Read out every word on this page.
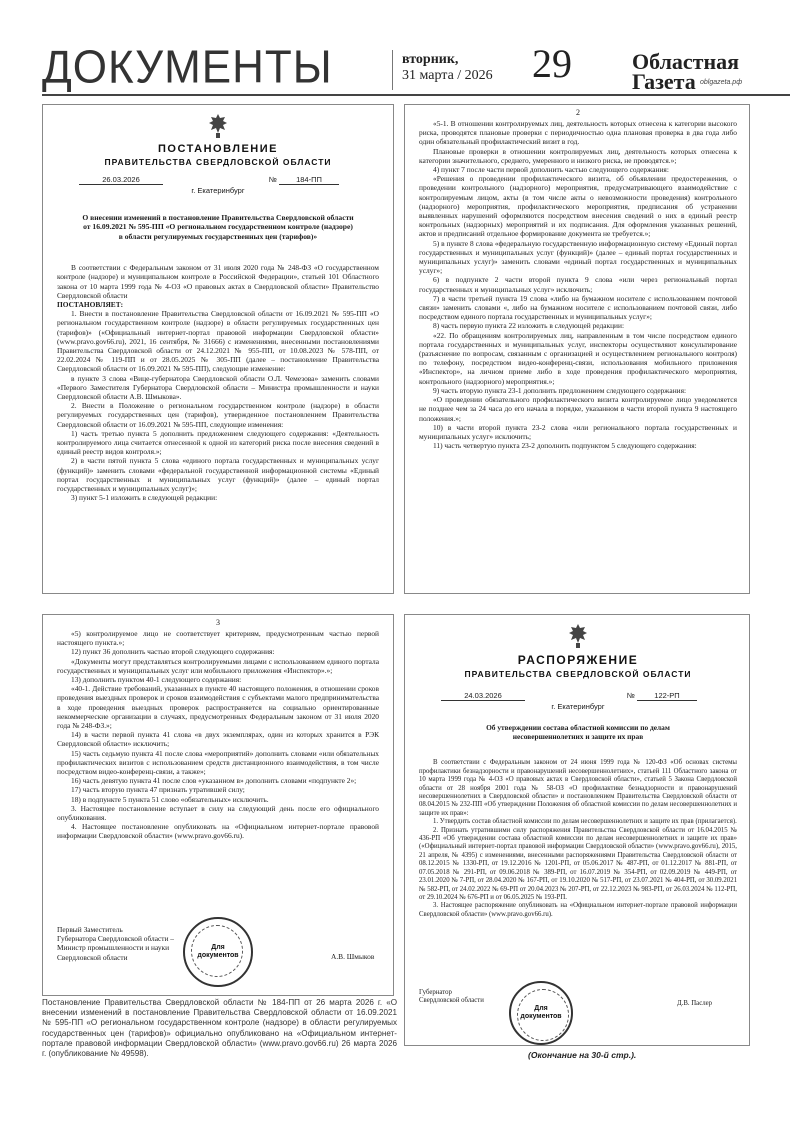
ДОКУМЕНТЫ	вторник,
31 марта / 2026 29	Областная
Газета oblgazeta.рф
ПОСТАНОВЛЕНИЕ
ПРАВИТЕЛЬСТВА СВЕРДЛОВСКОЙ ОБЛАСТИ
26.03.2026	№	184-ПП
г. Екатеринбург
О внесении изменений в постановление Правительства Свердловской области от 16.09.2021 № 595-ПП «О региональном государственном контроле (надзоре) в области регулируемых государственных цен (тарифов)»

В соответствии с Федеральным законом от 31 июля 2020 года № 248-ФЗ «О государственном контроле (надзоре) и муниципальном контроле в Российской Федерации», статьей 101 Областного закона от 10 марта 1999 года № 4-ОЗ «О правовых актах в Свердловской области» Правительство Свердловской области

ПОСТАНОВЛЯЕТ:

1. Внести в постановление Правительства Свердловской области от 16.09.2021 № 595-ПП «О региональном государственном контроле (надзоре) в области регулируемых государственных цен (тарифов)» («Официальный интернет-портал правовой информации Свердловской области» (www.pravo.gov66.ru), 2021, 16 сентября, № 31666) с изменениями, внесенными постановлениями Правительства Свердловской области от 24.12.2021 № 955-ПП, от 10.08.2023 № 578-ПП, от 22.02.2024 № 119-ПП и от 28.05.2025 № 305-ПП (далее – постановление Правительства Свердловской области от 16.09.2021 № 595-ПП), следующие изменение:

в пункте 3 слова «Вице-губернатора Свердловской области О.Л. Чемезова» заменить словами «Первого Заместителя Губернатора Свердловской области – Министра промышленности и науки Свердловской области А.В. Шмыкова».

2. Внести в Положение о региональном государственном контроле (надзоре) в области регулируемых государственных цен (тарифов), утвержденное постановлением Правительства Свердловской области от 16.09.2021 № 595-ПП, следующие изменения:

1) часть третью пункта 5 дополнить предложением следующего содержания: «Деятельность контролируемого лица считается отнесенной к одной из категорий риска после внесения сведений в единый реестр видов контроля.»;

2) в части пятой пункта 5 слова «единого портала государственных и муниципальных услуг (функций)» заменить словами «федеральной государственной информационной системы «Единый портал государственных и муниципальных услуг (функций)» (далее – единый портал государственных и муниципальных услуг)»;

3) пункт 5-1 изложить в следующей редакции:

2

«5-1. В отношении контролируемых лиц, деятельность которых отнесена к категории высокого риска, проводятся плановые проверки с периодичностью одна плановая проверка в два года либо один обязательный профилактический визит в год.

Плановые проверки в отношении контролируемых лиц, деятельность которых отнесена к категории значительного, среднего, умеренного и низкого риска, не проводятся.»;

4) пункт 7 после части первой дополнить частью следующего содержания:

«Решения о проведении профилактического визита, об объявлении предостережения, о проведении контрольного (надзорного) мероприятия, предусматривающего взаимодействие с контролируемым лицом, акты (в том числе акты о невозможности проведения) контрольного (надзорного) мероприятия, профилактического мероприятия, предписания об устранении выявленных нарушений оформляются посредством внесения сведений о них в единый реестр контрольных (надзорных) мероприятий и их подписания. Для оформления указанных решений, актов и предписаний отдельное формирование документа не требуется.»;

5) в пункте 8 слова «федеральную государственную информационную систему «Единый портал государственных и муниципальных услуг (функций)» (далее – единый портал государственных и муниципальных услуг)» заменить словами «единый портал государственных и муниципальных услуг»;

6) в подпункте 2 части второй пункта 9 слова «или через региональный портал государственных и муниципальных услуг» исключить;

7) в части третьей пункта 19 слова «либо на бумажном носителе с использованием почтовой связи» заменить словами «, либо на бумажном носителе с использованием почтовой связи, либо посредством единого портала государственных и муниципальных услуг»;

8) часть первую пункта 22 изложить в следующей редакции:

«22. По обращениям контролируемых лиц, направленным в том числе посредством единого портала государственных и муниципальных услуг, инспекторы осуществляют консультирование (разъяснение по вопросам, связанным с организацией и осуществлением регионального контроля) по телефону, посредством видео-конференц-связи, использования мобильного приложения «Инспектор», на личном приеме либо в ходе проведения профилактического мероприятия, контрольного (надзорного) мероприятия.»;

9) часть вторую пункта 23-1 дополнить предложением следующего содержания:

«О проведении обязательного профилактического визита контролируемое лицо уведомляется не позднее чем за 24 часа до его начала в порядке, указанном в части второй пункта 9 настоящего положения.»;

10) в части второй пункта 23-2 слова «или регионального портала государственных и муниципальных услуг» исключить;

11) часть четвертую пункта 23-2 дополнить подпунктом 5 следующего содержания:

3

«5) контролируемое лицо не соответствует критериям, предусмотренным частью первой настоящего пункта.»;

12) пункт 36 дополнить частью второй следующего содержания:

«Документы могут представляться контролируемыми лицами с использованием единого портала государственных и муниципальных услуг или мобильного приложения «Инспектор».»;

13) дополнить пунктом 40-1 следующего содержания:

«40-1. Действие требований, указанных в пункте 40 настоящего положения, в отношении сроков проведения выездных проверок и сроков взаимодействия с субъектами малого предпринимательства в ходе проведения выездных проверок распространяется на социально ориентированные некоммерческие организации в случаях, предусмотренных Федеральным законом от 31 июля 2020 года № 248-ФЗ.»;

14) в части первой пункта 41 слова «в двух экземплярах, один из которых хранится в РЭК Свердловской области» исключить;

15) часть седьмую пункта 41 после слова «мероприятий» дополнить словами «или обязательных профилактических визитов с использованием средств дистанционного взаимодействия, в том числе посредством видео-конференц-связи, а также»;

16) часть девятую пункта 41 после слов «указанном в» дополнить словами «подпункте 2»;

17) часть вторую пункта 47 признать утратившей силу;

18) в подпункте 5 пункта 51 слово «обязательных» исключить.

3. Настоящее постановление вступает в силу на следующий день после его официального опубликования.

4. Настоящее постановление опубликовать на «Официальном интернет-портале правовой информации Свердловской области» (www.pravo.gov66.ru).

Первый Заместитель
Губернатора Свердловской области –
Министр промышленности и науки
Свердловской области	А.В. Шмыков
Для
документов
РАСПОРЯЖЕНИЕ
ПРАВИТЕЛЬСТВА СВЕРДЛОВСКОЙ ОБЛАСТИ
24.03.2026	№	122-РП
г. Екатеринбург
Об утверждении состава областной комиссии по делам несовершеннолетних и защите их прав

В соответствии с Федеральным законом от 24 июня 1999 года № 120-ФЗ «Об основах системы профилактики безнадзорности и правонарушений несовершеннолетних», статьей 111 Областного закона от 10 марта 1999 года № 4-ОЗ «О правовых актах в Свердловской области», статьей 5 Закона Свердловской области от 28 ноября 2001 года № 58-ОЗ «О профилактике безнадзорности и правонарушений несовершеннолетних в Свердловской области» и постановлением Правительства Свердловской области от 08.04.2015 № 232-ПП «Об утверждении Положения об областной комиссии по делам несовершеннолетних и защите их прав»:

1. Утвердить состав областной комиссии по делам несовершеннолетних и защите их прав (прилагается).

2. Признать утратившими силу распоряжения Правительства Свердловской области от 16.04.2015 № 436-РП «Об утверждении состава областной комиссии по делам несовершеннолетних и защите их прав» («Официальный интернет-портал правовой информации Свердловской области» (www.pravo.gov66.ru), 2015, 21 апреля, № 4395) с изменениями, внесенными распоряжениями Правительства Свердловской области от 08.12.2015 № 1330-РП, от 19.12.2016 № 1201-РП, от 05.06.2017 № 487-РП, от 01.12.2017 № 881-РП, от 07.05.2018 № 291-РП, от 09.06.2018 № 389-РП, от 16.07.2019 № 354-РП, от 02.09.2019 № 449-РП, от 23.01.2020 № 7-РП, от 28.04.2020 № 167-РП, от 19.10.2020 № 517-РП, от 23.07.2021 № 404-РП, от 30.09.2021 № 582-РП, от 24.02.2022 № 69-РП от 20.04.2023 № 207-РП, от 22.12.2023 № 983-РП, от 26.03.2024 № 112-РП, от 29.10.2024 № 676-РП и от 06.05.2025 № 193-РП.

3. Настоящее распоряжение опубликовать на «Официальном интернет-портале правовой информации Свердловской области» (www.pravo.gov66.ru).

Губернатор
Свердловской области	Д.В. Паслер
Для
документов
Постановление Правительства Свердловской области № 184-ПП от 26 марта 2026 г. «О внесении изменений в постановление Правительства Свердловской области от 16.09.2021 № 595-ПП «О региональном государственном контроле (надзоре) в области регулируемых государственных цен (тарифов)» официально опубликовано на «Официальном интернет-портале правовой информации Свердловской области» (www.pravo.gov66.ru) 26 марта 2026 г. (опубликование № 49598).	(Окончание на 30-й стр.).
